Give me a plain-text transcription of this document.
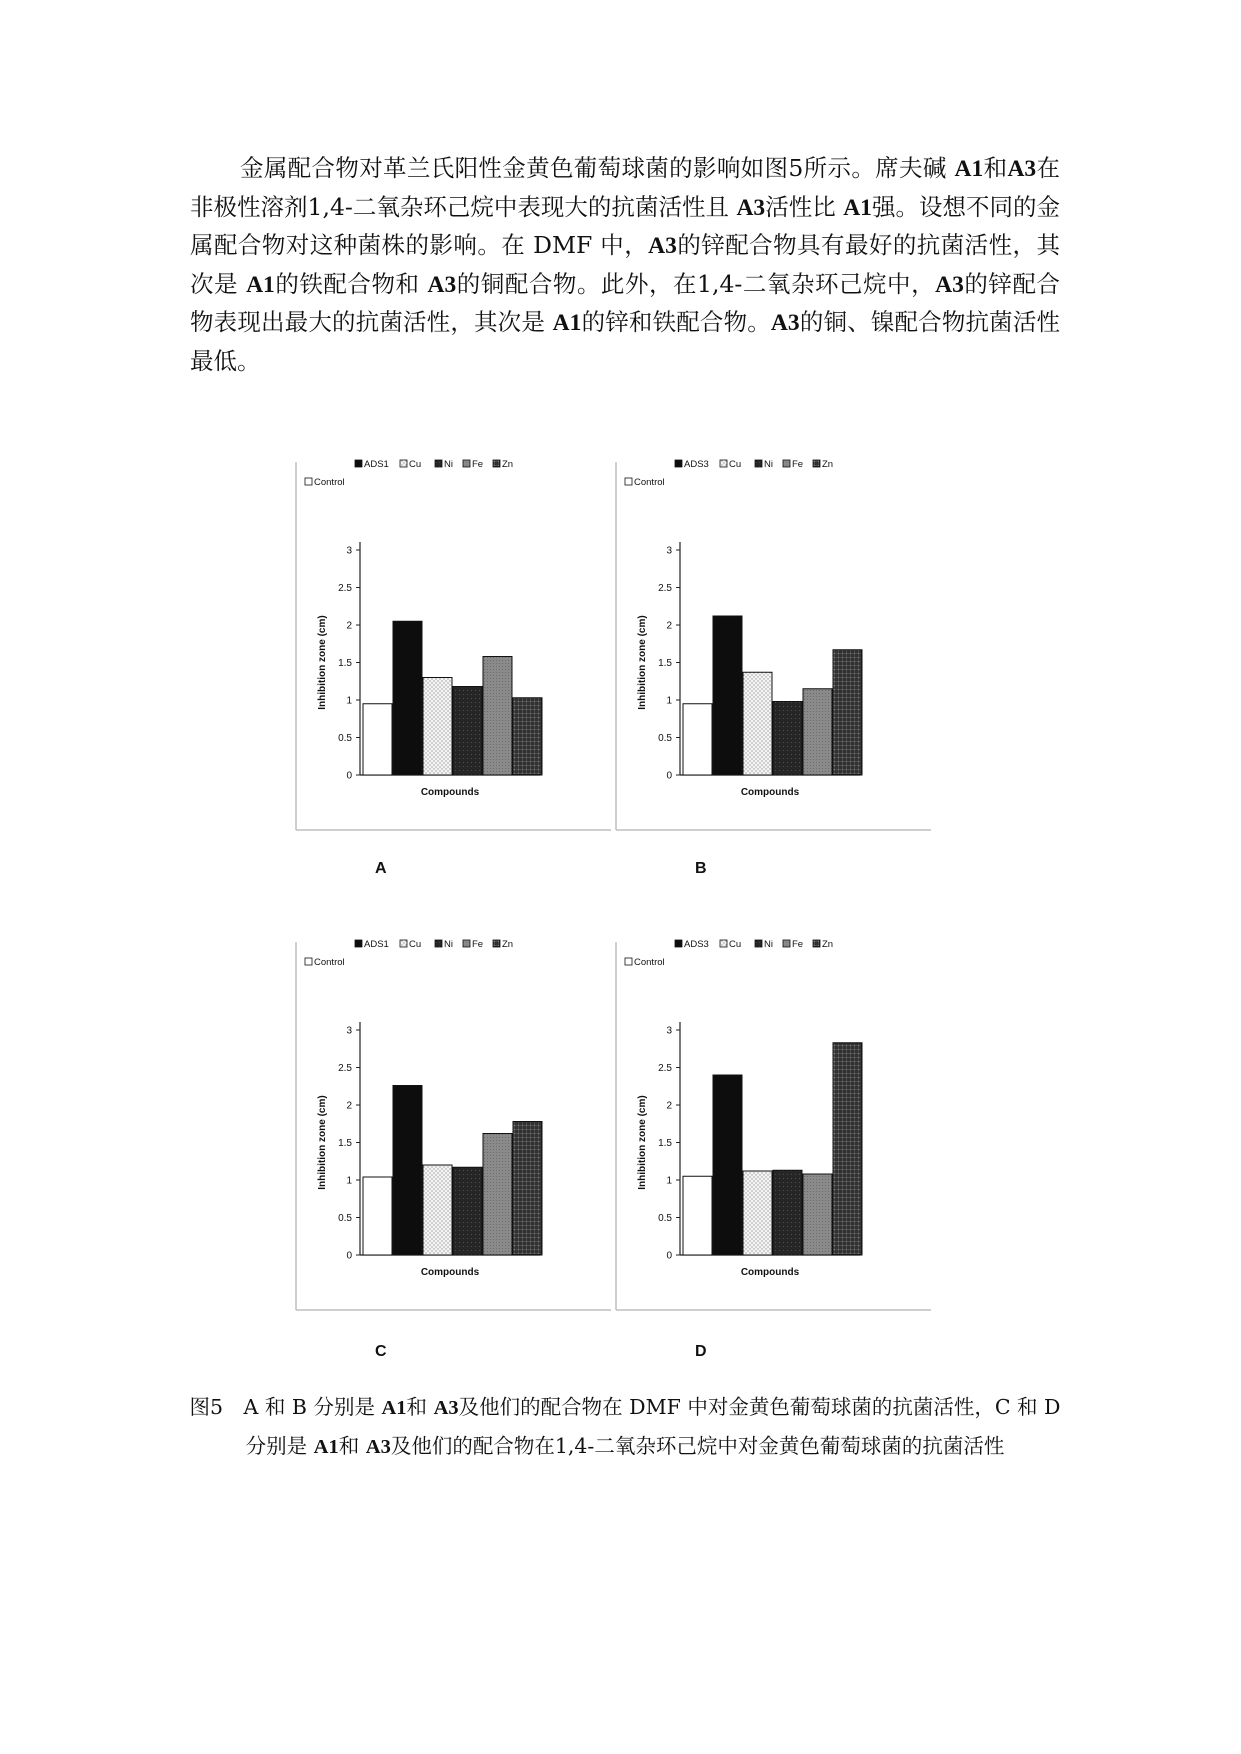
金属配合物对革兰氏阳性金黄色葡萄球菌的影响如图5所示。席夫碱 A1和A3在非极性溶剂1,4-二氧杂环己烷中表现大的抗菌活性且 A3活性比 A1强。设想不同的金属配合物对这种菌株的影响。在 DMF 中，A3的锌配合物具有最好的抗菌活性，其次是 A1的铁配合物和 A3的铜配合物。此外，在1,4-二氧杂环己烷中，A3的锌配合物表现出最大的抗菌活性，其次是 A1的锌和铁配合物。A3的铜、镍配合物抗菌活性最低。

ADS1 Cu Ni Fe Zn
Control
0
0.5
1
1.5
2
2.5
3
Inhibition zone (cm)
Compounds
ADS3 Cu Ni Fe Zn
Control
0
0.5
1
1.5
2
2.5
3
Inhibition zone (cm)
Compounds
ADS1 Cu Ni Fe Zn
Control
0
0.5
1
1.5
2
2.5
3
Inhibition zone (cm)
Compounds
ADS3 Cu Ni Fe Zn
Control
0
0.5
1
1.5
2
2.5
3
Inhibition zone (cm)
Compounds
A	B
C	D
图5　A 和 B 分别是 A1和 A3及他们的配合物在 DMF 中对金黄色葡萄球菌的抗菌活性，C 和 D 分别是 A1和 A3及他们的配合物在1,4-二氧杂环己烷中对金黄色葡萄球菌的抗菌活性
